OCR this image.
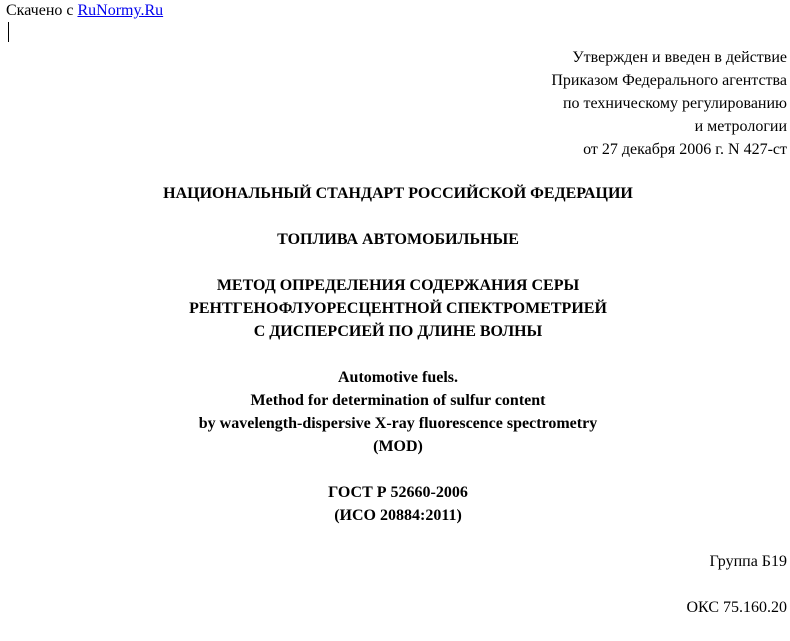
Скачено с RuNormy.Ru
Утвержден и введен в действие
Приказом Федерального агентства
по техническому регулированию
и метрологии
от 27 декабря 2006 г. N 427-ст
НАЦИОНАЛЬНЫЙ СТАНДАРТ РОССИЙСКОЙ ФЕДЕРАЦИИ
ТОПЛИВА АВТОМОБИЛЬНЫЕ
МЕТОД ОПРЕДЕЛЕНИЯ СОДЕРЖАНИЯ СЕРЫ
РЕНТГЕНОФЛУОРЕСЦЕНТНОЙ СПЕКТРОМЕТРИЕЙ
С ДИСПЕРСИЕЙ ПО ДЛИНЕ ВОЛНЫ
Automotive fuels.
Method for determination of sulfur content
by wavelength-dispersive X-ray fluorescence spectrometry
(MOD)
ГОСТ Р 52660-2006
(ИСО 20884:2011)
Группа Б19
ОКС 75.160.20
